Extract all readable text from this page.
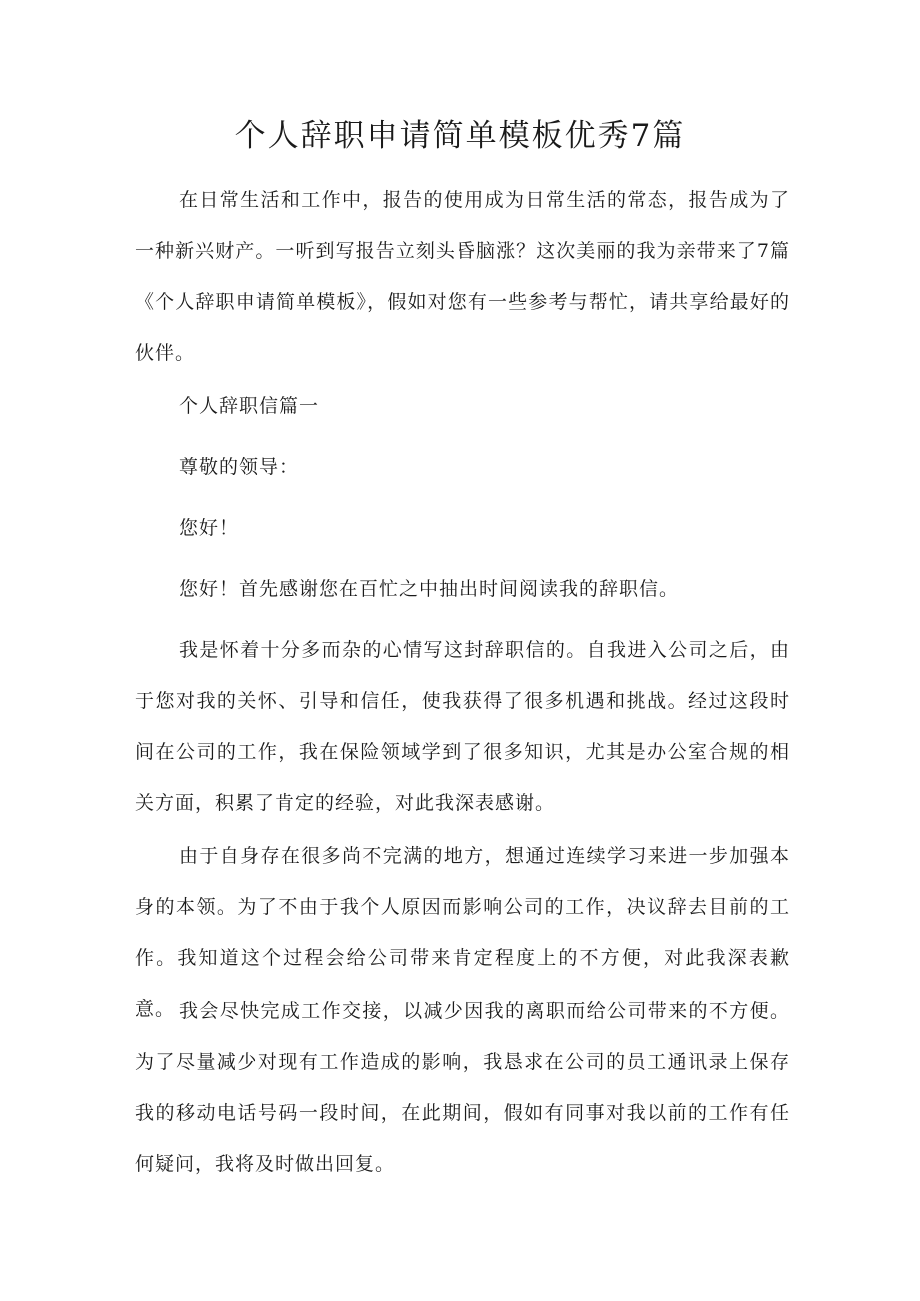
个人辞职申请简单模板优秀7篇

在日常生活和工作中，报告的使用成为日常生活的常态，报告成为了一种新兴财产。一听到写报告立刻头昏脑涨？这次美丽的我为亲带来了7篇《个人辞职申请简单模板》，假如对您有一些参考与帮忙，请共享给最好的伙伴。

个人辞职信篇一

尊敬的领导：

您好！

您好！首先感谢您在百忙之中抽出时间阅读我的辞职信。

我是怀着十分多而杂的心情写这封辞职信的。自我进入公司之后，由于您对我的关怀、引导和信任，使我获得了很多机遇和挑战。经过这段时间在公司的工作，我在保险领域学到了很多知识，尤其是办公室合规的相关方面，积累了肯定的经验，对此我深表感谢。

由于自身存在很多尚不完满的地方，想通过连续学习来进一步加强本身的本领。为了不由于我个人原因而影响公司的工作，决议辞去目前的工作。我知道这个过程会给公司带来肯定程度上的不方便，对此我深表歉意。 我会尽快完成工作交接，以减少因我的离职而给公司带来的不方便。为了尽量减少对现有工作造成的影响，我恳求在公司的员工通讯录上保存我的移动电话号码一段时间，在此期间，假如有同事对我以前的工作有任何疑问，我将及时做出回复。
